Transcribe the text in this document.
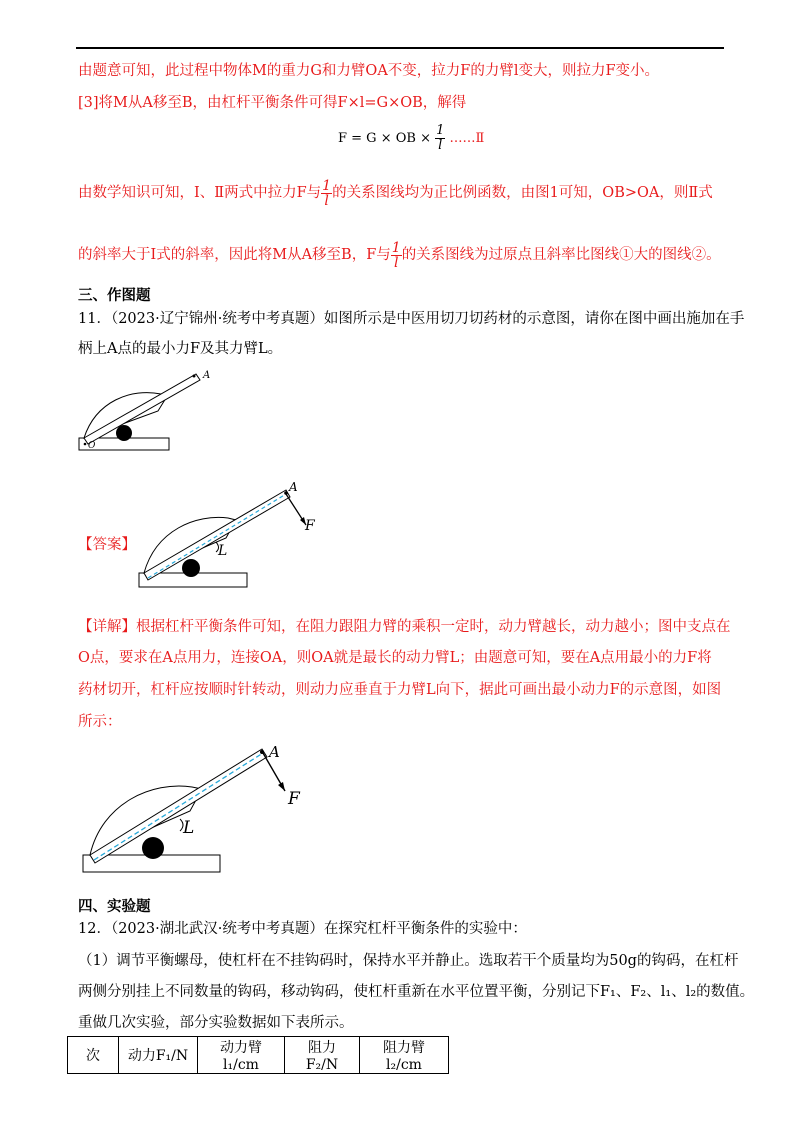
由题意可知，此过程中物体M的重力G和力臂OA不变，拉力F的力臂l变大，则拉力F变小。
[3]将M从A移至B，由杠杆平衡条件可得F×l=G×OB，解得
F = G × OB × $\frac{1}{l}$ ……Ⅱ
由数学知识可知，Ⅰ、Ⅱ两式中拉力F与 $\frac{1}{l}$ 的关系图线均为正比例函数，由图1可知，OB>OA，则Ⅱ式
的斜率大于Ⅰ式的斜率，因此将M从A移至B，F与 $\frac{1}{l}$ 的关系图线为过原点且斜率比图线①大的图线②。
三、作图题
11．（2023·辽宁锦州·统考中考真题）如图所示是中医用切刀切药材的示意图，请你在图中画出施加在手
柄上A点的最小力F及其力臂L。
A
O
【答案】
A
F
L
【详解】根据杠杆平衡条件可知，在阻力跟阻力臂的乘积一定时，动力臂越长，动力越小；图中支点在
O点，要求在A点用力，连接OA，则OA就是最长的动力臂L；由题意可知，要在A点用最小的力F将
药材切开，杠杆应按顺时针转动，则动力应垂直于力臂L向下，据此可画出最小动力F的示意图，如图
所示：
A
F
L
四、实验题
12．（2023·湖北武汉·统考中考真题）在探究杠杆平衡条件的实验中：
（1）调节平衡螺母，使杠杆在不挂钩码时，保持水平并静止。选取若干个质量均为50g的钩码，在杠杆
两侧分别挂上不同数量的钩码，移动钩码，使杠杆重新在水平位置平衡，分别记下F₁、F₂、l₁、l₂的数值。
重做几次实验，部分实验数据如下表所示。
次	动力F₁/N	动力臂l₁/cm	阻力F₂/N	阻力臂l₂/cm
